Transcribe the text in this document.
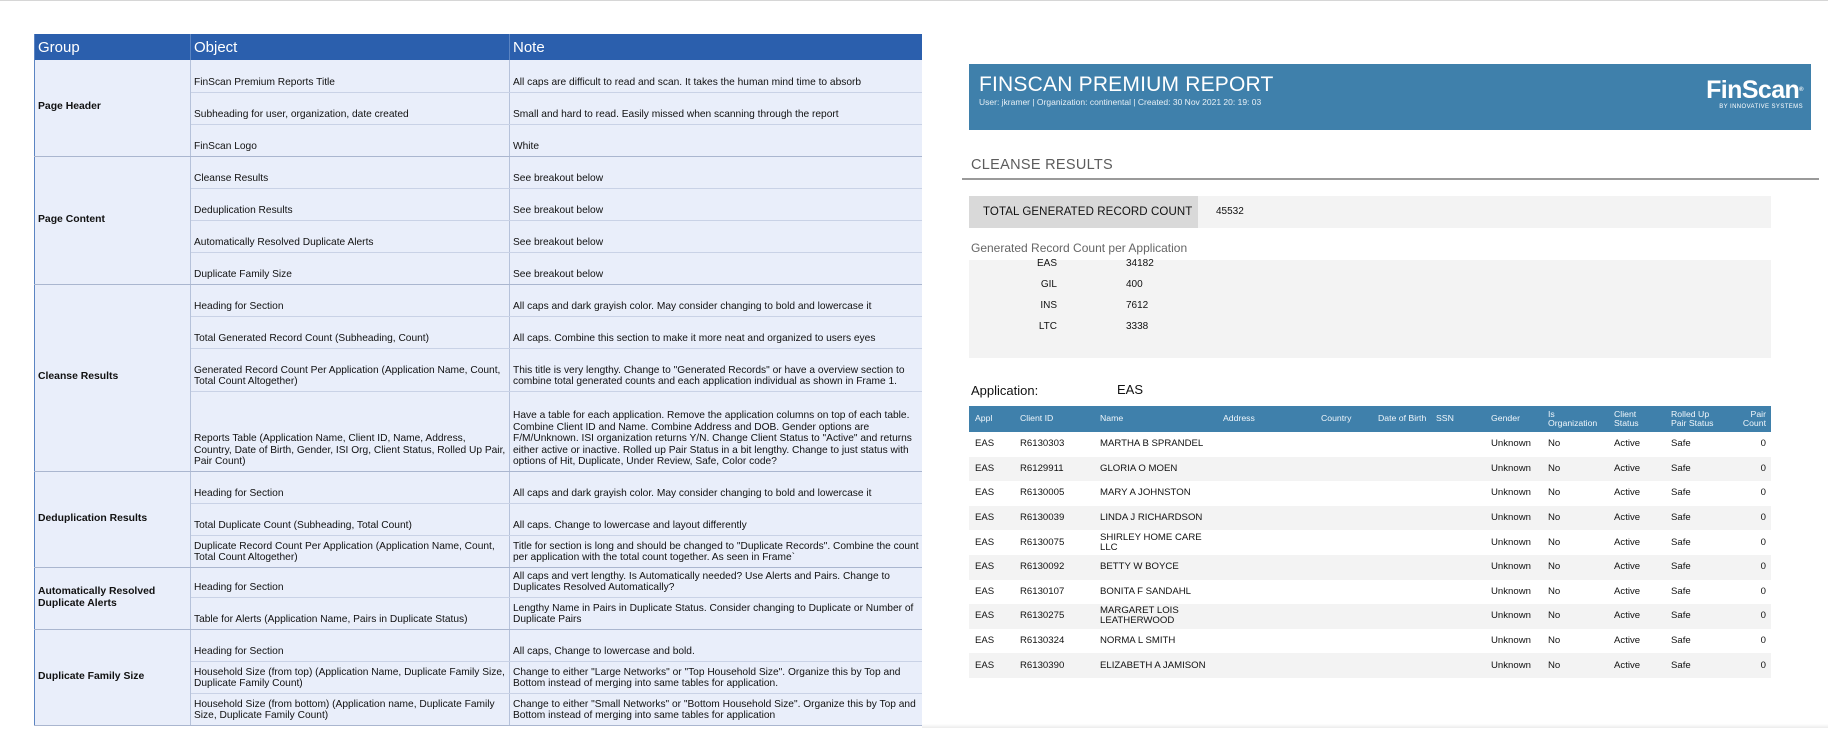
Group	Object	Note
Page Header	FinScan Premium Reports Title	All caps are difficult to read and scan. It takes the human mind time to absorb
	Subheading for user, organization, date created	Small and hard to read. Easily missed when scanning through the report
	FinScan Logo	White
Page Content	Cleanse Results	See breakout below
	Deduplication Results	See breakout below
	Automatically Resolved Duplicate Alerts	See breakout below
	Duplicate Family Size	See breakout below
Cleanse Results	Heading for Section	All caps and dark grayish color. May consider changing to bold and lowercase it
	Total Generated Record Count (Subheading, Count)	All caps. Combine this section to make it more neat and organized to users eyes
	Generated Record Count Per Application (Application Name, Count, Total Count Altogether)	This title is very lengthy. Change to "Generated Records" or have a overview section to combine total generated counts and each application individual as shown in Frame 1.
	Reports Table (Application Name, Client ID, Name, Address, Country, Date of Birth, Gender, ISI Org, Client Status, Rolled Up Pair, Pair Count)	Have a table for each application. Remove the application columns on top of each table. Combine Client ID and Name. Combine Address and DOB. Gender options are F/M/Unknown. ISI organization returns Y/N. Change Client Status to "Active" and returns either active or inactive. Rolled up Pair Status in a bit lengthy. Change to just status with options of Hit, Duplicate, Under Review, Safe, Color code?
Deduplication Results	Heading for Section	All caps and dark grayish color. May consider changing to bold and lowercase it
	Total Duplicate Count (Subheading, Total Count)	All caps. Change to lowercase and layout differently
	Duplicate Record Count Per Application (Application Name, Count, Total Count Altogether)	Title for section is long and should be changed to "Duplicate Records". Combine the count per application with the total count together. As seen in Frame`
Automatically Resolved Duplicate Alerts	Heading for Section	All caps and vert lengthy. Is Automatically needed? Use Alerts and Pairs. Change to Duplicates Resolved Automatically?
	Table for Alerts (Application Name, Pairs in Duplicate Status)	Lengthy Name in Pairs in Duplicate Status. Consider changing to Duplicate or Number of Duplicate Pairs
Duplicate Family Size	Heading for Section	All caps, Change to lowercase and bold.
	Household Size (from top) (Application Name, Duplicate Family Size, Duplicate Family Count)	Change to either "Large Networks" or "Top Household Size". Organize this by Top and Bottom instead of merging into same tables for application.
	Household Size (from bottom) (Application name, Duplicate Family Size, Duplicate Family Count)	Change to either "Small Networks" or "Bottom Household Size". Organize this by Top and Bottom instead of merging into same tables for application
FINSCAN PREMIUM REPORT
User: jkramer | Organization: continental | Created: 30 Nov 2021 20: 19: 03	FinScan®
BY INNOVATIVE SYSTEMS
CLEANSE RESULTS
TOTAL GENERATED RECORD COUNT	45532
Generated Record Count per Application
EAS	34182
GIL	400
INS	7612
LTC	3338
Application:	EAS
Appl	Client ID	Name	Address	Country	Date of Birth	SSN	Gender	Is Organization	Client Status	Rolled Up Pair Status	Pair Count
EAS	R6130303	MARTHA B SPRANDEL					Unknown	No	Active	Safe	0
EAS	R6129911	GLORIA O MOEN					Unknown	No	Active	Safe	0
EAS	R6130005	MARY A JOHNSTON					Unknown	No	Active	Safe	0
EAS	R6130039	LINDA J RICHARDSON					Unknown	No	Active	Safe	0
EAS	R6130075	SHIRLEY HOME CARE LLC					Unknown	No	Active	Safe	0
EAS	R6130092	BETTY W BOYCE					Unknown	No	Active	Safe	0
EAS	R6130107	BONITA F SANDAHL					Unknown	No	Active	Safe	0
EAS	R6130275	MARGARET LOIS LEATHERWOOD					Unknown	No	Active	Safe	0
EAS	R6130324	NORMA L SMITH					Unknown	No	Active	Safe	0
EAS	R6130390	ELIZABETH A JAMISON					Unknown	No	Active	Safe	0
